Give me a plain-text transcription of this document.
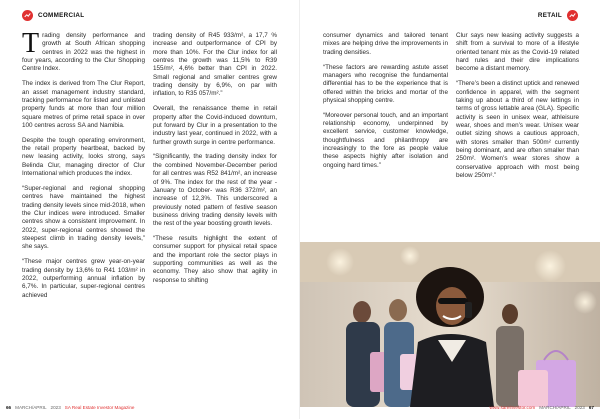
COMMERCIAL	RETAIL

Trading density performance and growth at South African shopping centres in 2022 was the highest in four years, according to the Clur Shopping Centre Index.

The index is derived from The Clur Report, an asset management industry standard, tracking performance for listed and unlisted property funds at more than four million square metres of prime retail space in over 100 centres across SA and Namibia.

Despite the tough operating environment, the retail property heartbeat, backed by new leasing activity, looks strong, says Belinda Clur, managing director of Clur International which produces the index.

“Super-regional and regional shopping centres have maintained the highest trading density levels since mid-2018, when the Clur indices were introduced. Smaller centres show a consistent improvement. In 2022, super-regional centres showed the steepest climb in trading density levels,” she says.

“These major centres grew year-on-year trading density by 13,6% to R41 103/m² in 2022, outperforming annual inflation by 6,7%. In particular, super-regional centres achieved

trading density of R45 933/m², a 17,7 % increase and outperformance of CPI by more than 10%. For the Clur index for all centres the growth was 11,5% to R39 155/m², 4,6% better than CPI in 2022. Small regional and smaller centres grew trading density by 6,9%, on par with inflation, to R35 057/m².”

Overall, the renaissance theme in retail property after the Covid-induced downturn, put forward by Clur in a presentation to the industry last year, continued in 2022, with a further growth surge in centre performance.

“Significantly, the trading density index for the combined November-December period for all centres was R52 841/m², an increase of 9%. The index for the rest of the year - January to October- was R36 372/m², an increase of 12,3%. This underscored a previously noted pattern of festive season business driving trading density levels with the rest of the year boosting growth levels.

“These results highlight the extent of consumer support for physical retail space and the important role the sector plays in supporting communities as well as the economy. They also show that agility in response to shifting

consumer dynamics and tailored tenant mixes are helping drive the improvements in trading densities.

“These factors are rewarding astute asset managers who recognise the fundamental differential has to be the experience that is offered within the bricks and mortar of the physical shopping centre.

“Moreover personal touch, and an important relationship economy, underpinned by excellent service, customer knowledge, thoughtfulness and philanthropy are increasingly to the fore as people value these aspects highly after isolation and ongoing hard times.”

Clur says new leasing activity suggests a shift from a survival to more of a lifestyle oriented tenant mix as the Covid-19 related hard rules and their dire implications become a distant memory.

“There’s been a distinct uptick and renewed confidence in apparel, with the segment taking up about a third of new lettings in terms of gross lettable area (GLA). Specific activity is seen in unisex wear, athleisure wear, shoes and men’s wear. Unisex wear outlet sizing shows a cautious approach, with stores smaller than 500m² currently being dominant, and are often smaller than 250m². Women’s wear stores show a conservative approach with most being below 250m².”

66 MARCH/APRIL 2023 SA Real Estate Investor Magazine	www.sareinvestor.com MARCH/APRIL 2023 67
